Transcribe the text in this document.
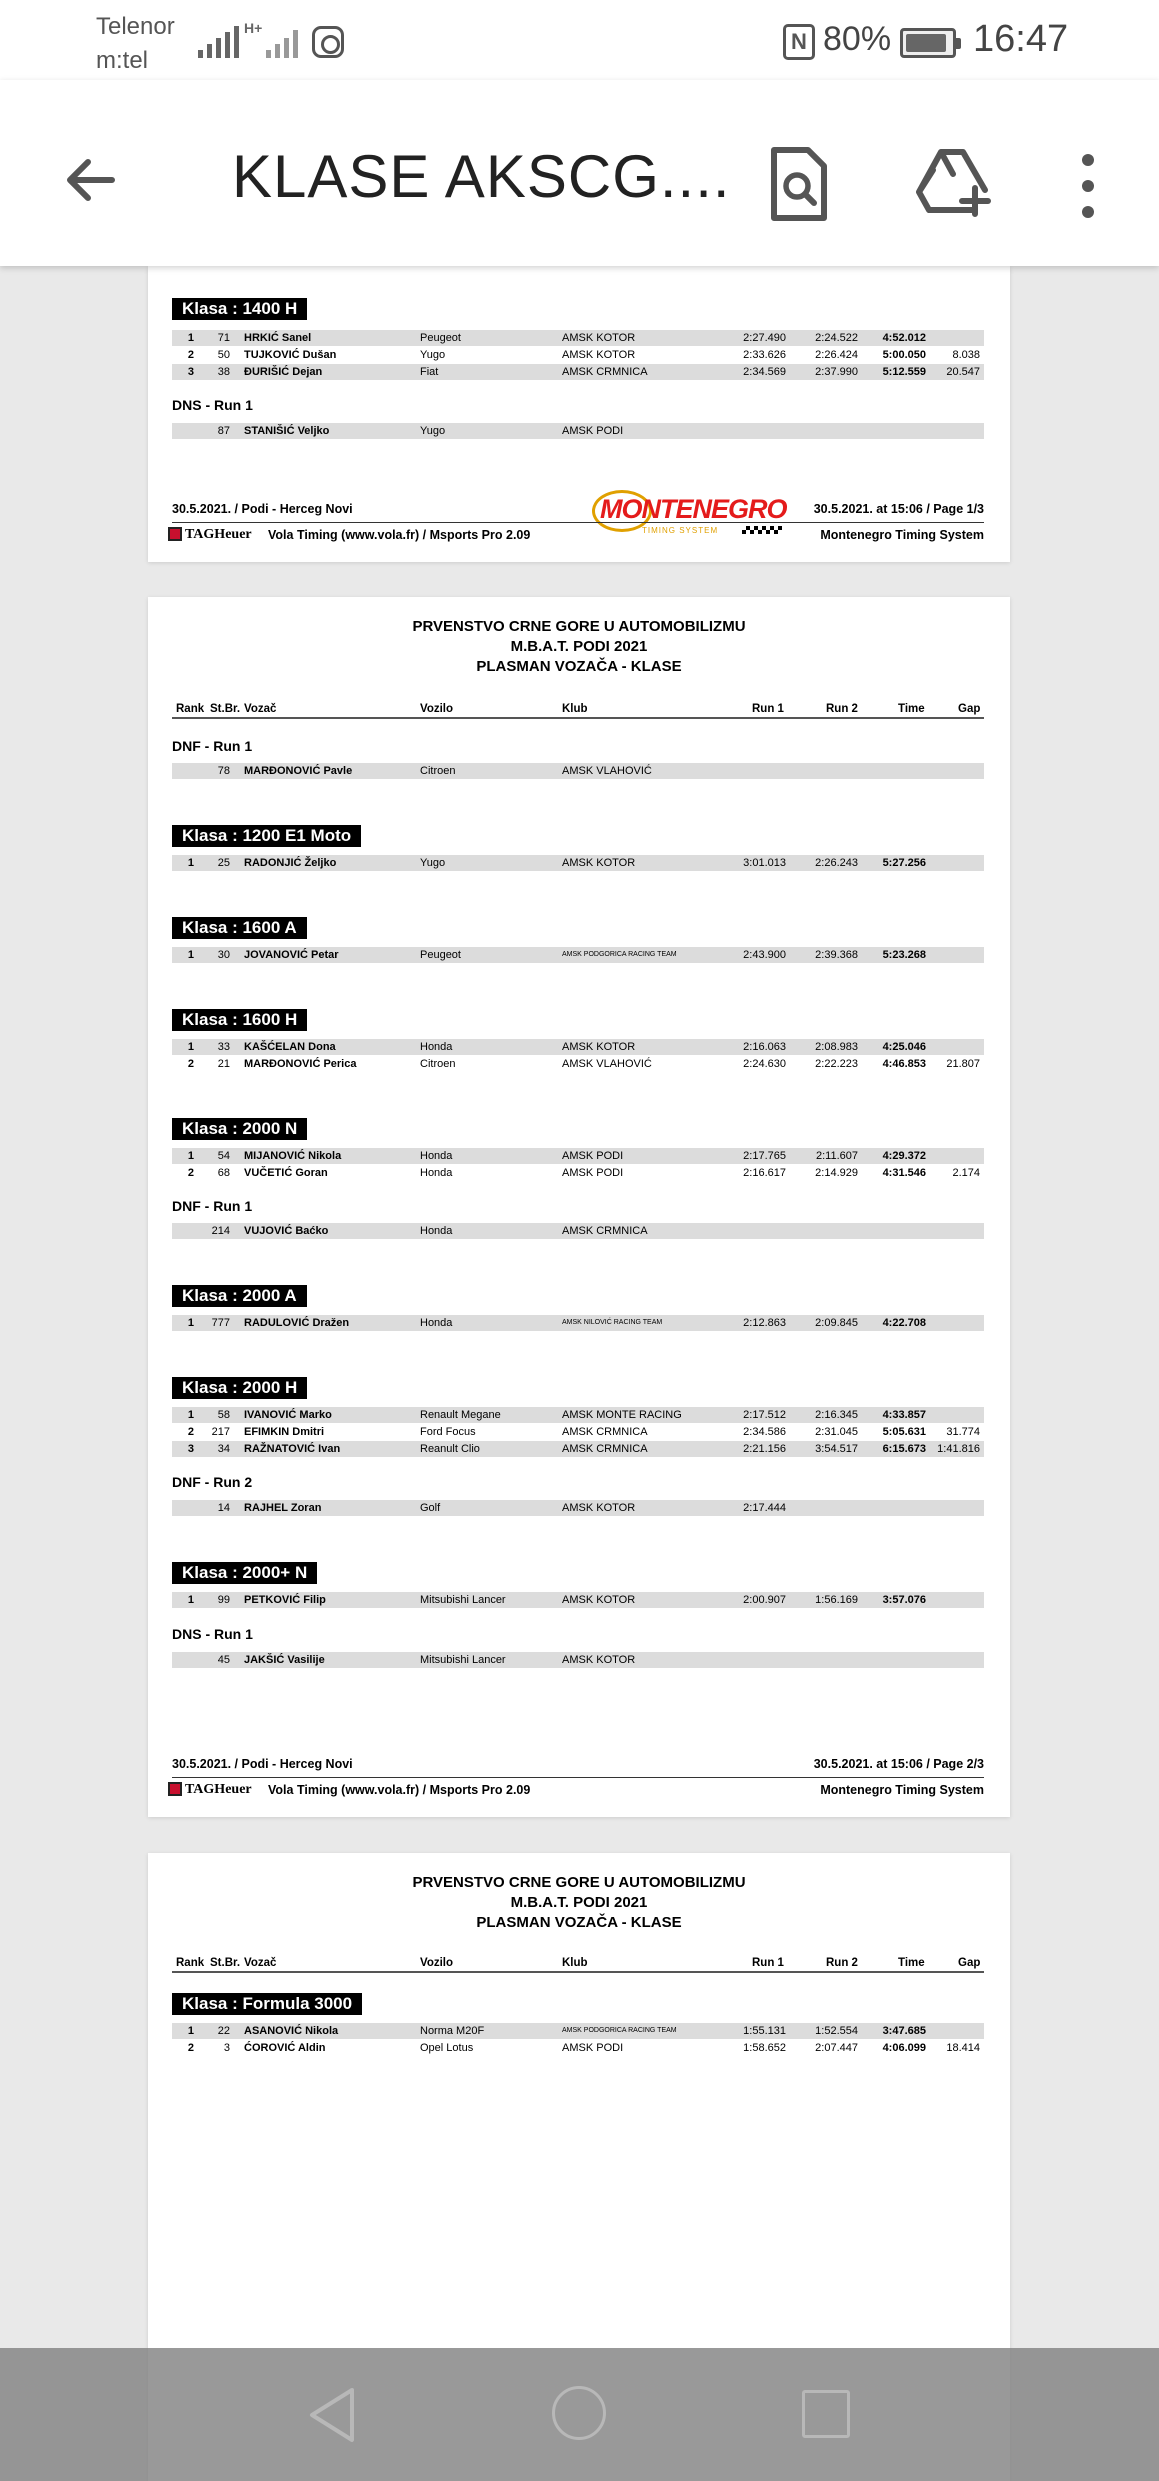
Telenor
m:tel
H+
N 80% 16:47
KLASE AKSCG....
Klasa : 1400 H
1	71 HRKIĆ Sanel	Peugeot	AMSK KOTOR	2:27.490	2:24.522	4:52.012
2	50 TUJKOVIĆ Dušan	Yugo	AMSK KOTOR	2:33.626	2:26.424	5:00.050	8.038
3	38 ĐURIŠIĆ Dejan	Fiat	AMSK CRMNICA	2:34.569	2:37.990	5:12.559	20.547
DNS - Run 1
87 STANIŠIĆ Veljko	Yugo	AMSK PODI
30.5.2021. / Podi - Herceg Novi	30.5.2021. at 15:06 / Page 1/3
MONTENEGRO
TIMING SYSTEM
TAGHeuer Vola Timing (www.vola.fr) / Msports Pro 2.09	Montenegro Timing System
PRVENSTVO CRNE GORE U AUTOMOBILIZMU
M.B.A.T. PODI 2021
PLASMAN VOZAČA - KLASE
Rank St.Br. Vozač	Vozilo	Klub	Run 1	Run 2	Time	Gap
DNF - Run 1
78 MARĐONOVIĆ Pavle	Citroen	AMSK VLAHOVIĆ
Klasa : 1200 E1 Moto
1	25 RADONJIĆ Željko	Yugo	AMSK KOTOR	3:01.013	2:26.243	5:27.256
Klasa : 1600 A
1	30 JOVANOVIĆ Petar	Peugeot	AMSK PODGORICA RACING TEAM	2:43.900	2:39.368	5:23.268
Klasa : 1600 H
1	33 KAŠĆELAN Dona	Honda	AMSK KOTOR	2:16.063	2:08.983	4:25.046
2	21 MARĐONOVIĆ Perica	Citroen	AMSK VLAHOVIĆ	2:24.630	2:22.223	4:46.853	21.807
Klasa : 2000 N
1	54 MIJANOVIĆ Nikola	Honda	AMSK PODI	2:17.765	2:11.607	4:29.372
2	68 VUČETIĆ Goran	Honda	AMSK PODI	2:16.617	2:14.929	4:31.546	2.174
DNF - Run 1
214 VUJOVIĆ Baćko	Honda	AMSK CRMNICA
Klasa : 2000 A
1	777 RADULOVIĆ Dražen	Honda	AMSK NILOVIĆ RACING TEAM	2:12.863	2:09.845	4:22.708
Klasa : 2000 H
1	58 IVANOVIĆ Marko	Renault Megane	AMSK MONTE RACING	2:17.512	2:16.345	4:33.857
2	217 EFIMKIN Dmitri	Ford Focus	AMSK CRMNICA	2:34.586	2:31.045	5:05.631	31.774
3	34 RAŽNATOVIĆ Ivan	Reanult Clio	AMSK CRMNICA	2:21.156	3:54.517	6:15.673	1:41.816
DNF - Run 2
14 RAJHEL Zoran	Golf	AMSK KOTOR	2:17.444
Klasa : 2000+ N
1	99 PETKOVIĆ Filip	Mitsubishi Lancer	AMSK KOTOR	2:00.907	1:56.169	3:57.076
DNS - Run 1
45 JAKŠIĆ Vasilije	Mitsubishi Lancer	AMSK KOTOR
30.5.2021. / Podi - Herceg Novi	30.5.2021. at 15:06 / Page 2/3
TAGHeuer Vola Timing (www.vola.fr) / Msports Pro 2.09	Montenegro Timing System
PRVENSTVO CRNE GORE U AUTOMOBILIZMU
M.B.A.T. PODI 2021
PLASMAN VOZAČA - KLASE
Rank St.Br. Vozač	Vozilo	Klub	Run 1	Run 2	Time	Gap
Klasa : Formula 3000
1	22 ASANOVIĆ Nikola	Norma M20F	AMSK PODGORICA RACING TEAM	1:55.131	1:52.554	3:47.685
2	3 ĆOROVIĆ Aldin	Opel Lotus	AMSK PODI	1:58.652	2:07.447	4:06.099	18.414
